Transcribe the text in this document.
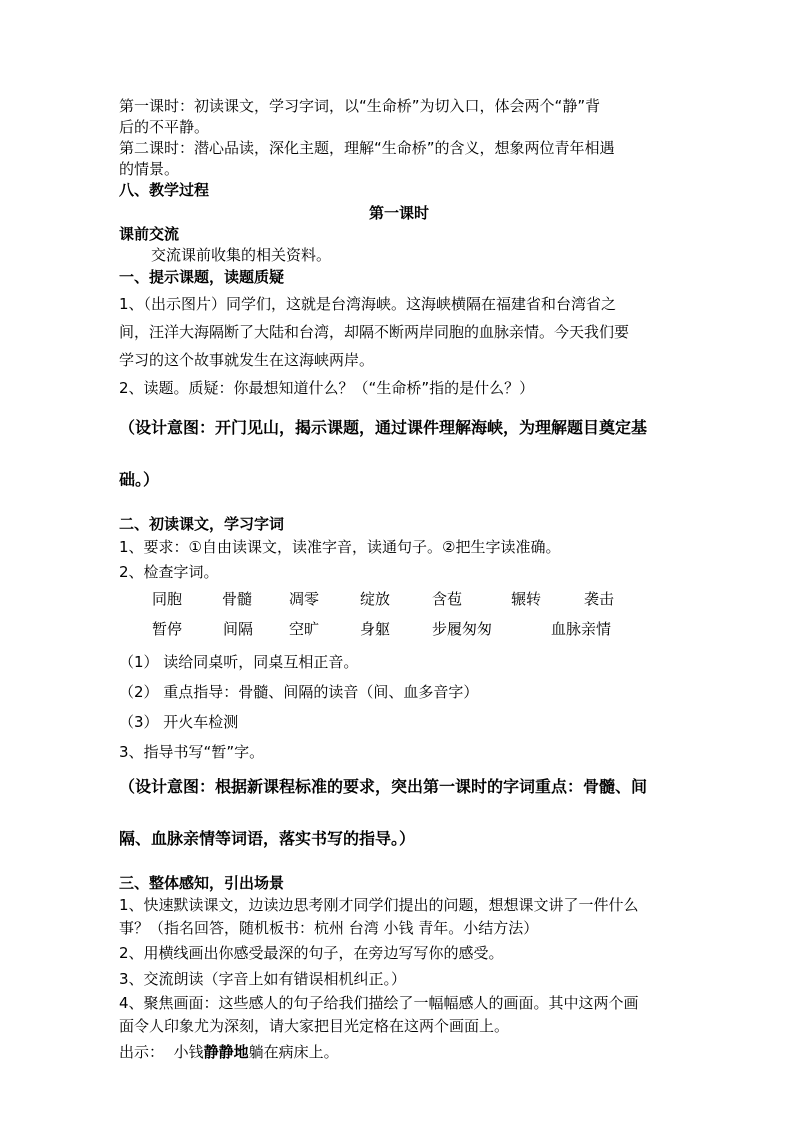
第一课时：初读课文，学习字词，以“生命桥”为切入口，体会两个“静”背

后的不平静。

第二课时：潜心品读，深化主题，理解“生命桥”的含义，想象两位青年相遇

的情景。

八、教学过程

第一课时

课前交流

交流课前收集的相关资料。

一、提示课题，读题质疑

1、（出示图片）同学们，这就是台湾海峡。这海峡横隔在福建省和台湾省之

间，汪洋大海隔断了大陆和台湾，却隔不断两岸同胞的血脉亲情。今天我们要

学习的这个故事就发生在这海峡两岸。

2、读题。质疑：你最想知道什么？（“生命桥”指的是什么？）

（设计意图：开门见山，揭示课题，通过课件理解海峡，为理解题目奠定基

础。）

二、初读课文，学习字词

1、要求：①自由读课文，读准字音，读通句子。②把生字读准确。

2、检查字词。

同胞	骨髓 凋零	绽放	含苞	辗转	袭击
暂停	间隔 空旷	身躯	步履匆匆	血脉亲情

（1） 读给同桌听，同桌互相正音。

（2） 重点指导：骨髓、间隔的读音（间、血多音字）

（3） 开火车检测

3、指导书写“暂”字。

（设计意图：根据新课程标准的要求，突出第一课时的字词重点：骨髓、间

隔、血脉亲情等词语，落实书写的指导。）

三、整体感知，引出场景

1、快速默读课文，边读边思考刚才同学们提出的问题，想想课文讲了一件什么

事？（指名回答，随机板书：杭州 台湾 小钱 青年。小结方法）

2、用横线画出你感受最深的句子，在旁边写写你的感受。

3、交流朗读（字音上如有错误相机纠正。）

4、聚焦画面：这些感人的句子给我们描绘了一幅幅感人的画面。其中这两个画

面令人印象尤为深刻，请大家把目光定格在这两个画面上。

出示： 小钱静静地躺在病床上。
